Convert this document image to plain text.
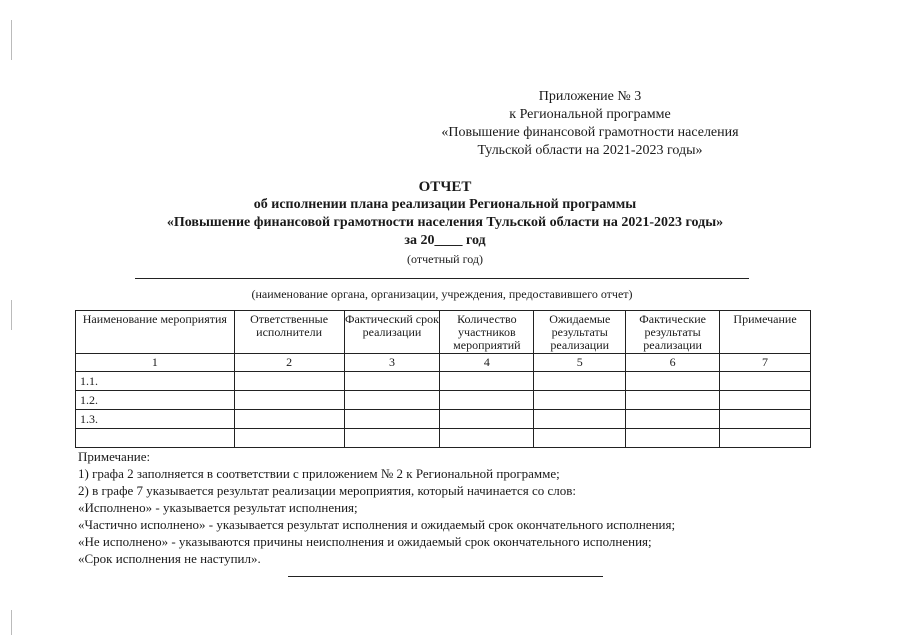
Приложение № 3
к Региональной программе
«Повышение финансовой грамотности населения
Тульской области на 2021-2023 годы»
ОТЧЕТ
об исполнении плана реализации Региональной программы
«Повышение финансовой грамотности населения Тульской области на 2021-2023 годы»
за 20____ год
(отчетный год)
(наименование органа, организации, учреждения, предоставившего отчет)
Наименование мероприятия	Ответственные исполнители	Фактический срок реализации	Количество участников мероприятий	Ожидаемые результаты реализации	Фактические результаты реализации	Примечание
1	2	3	4	5	6	7
1.1.						
1.2.						
1.3.						

Примечание:
1) графа 2 заполняется в соответствии с приложением № 2 к Региональной программе;
2) в графе 7 указывается результат реализации мероприятия, который начинается со слов:
«Исполнено» - указывается результат исполнения;
«Частично исполнено» - указывается результат исполнения и ожидаемый срок окончательного исполнения;
«Не исполнено» - указываются причины неисполнения и ожидаемый срок окончательного исполнения;
«Срок исполнения не наступил».
